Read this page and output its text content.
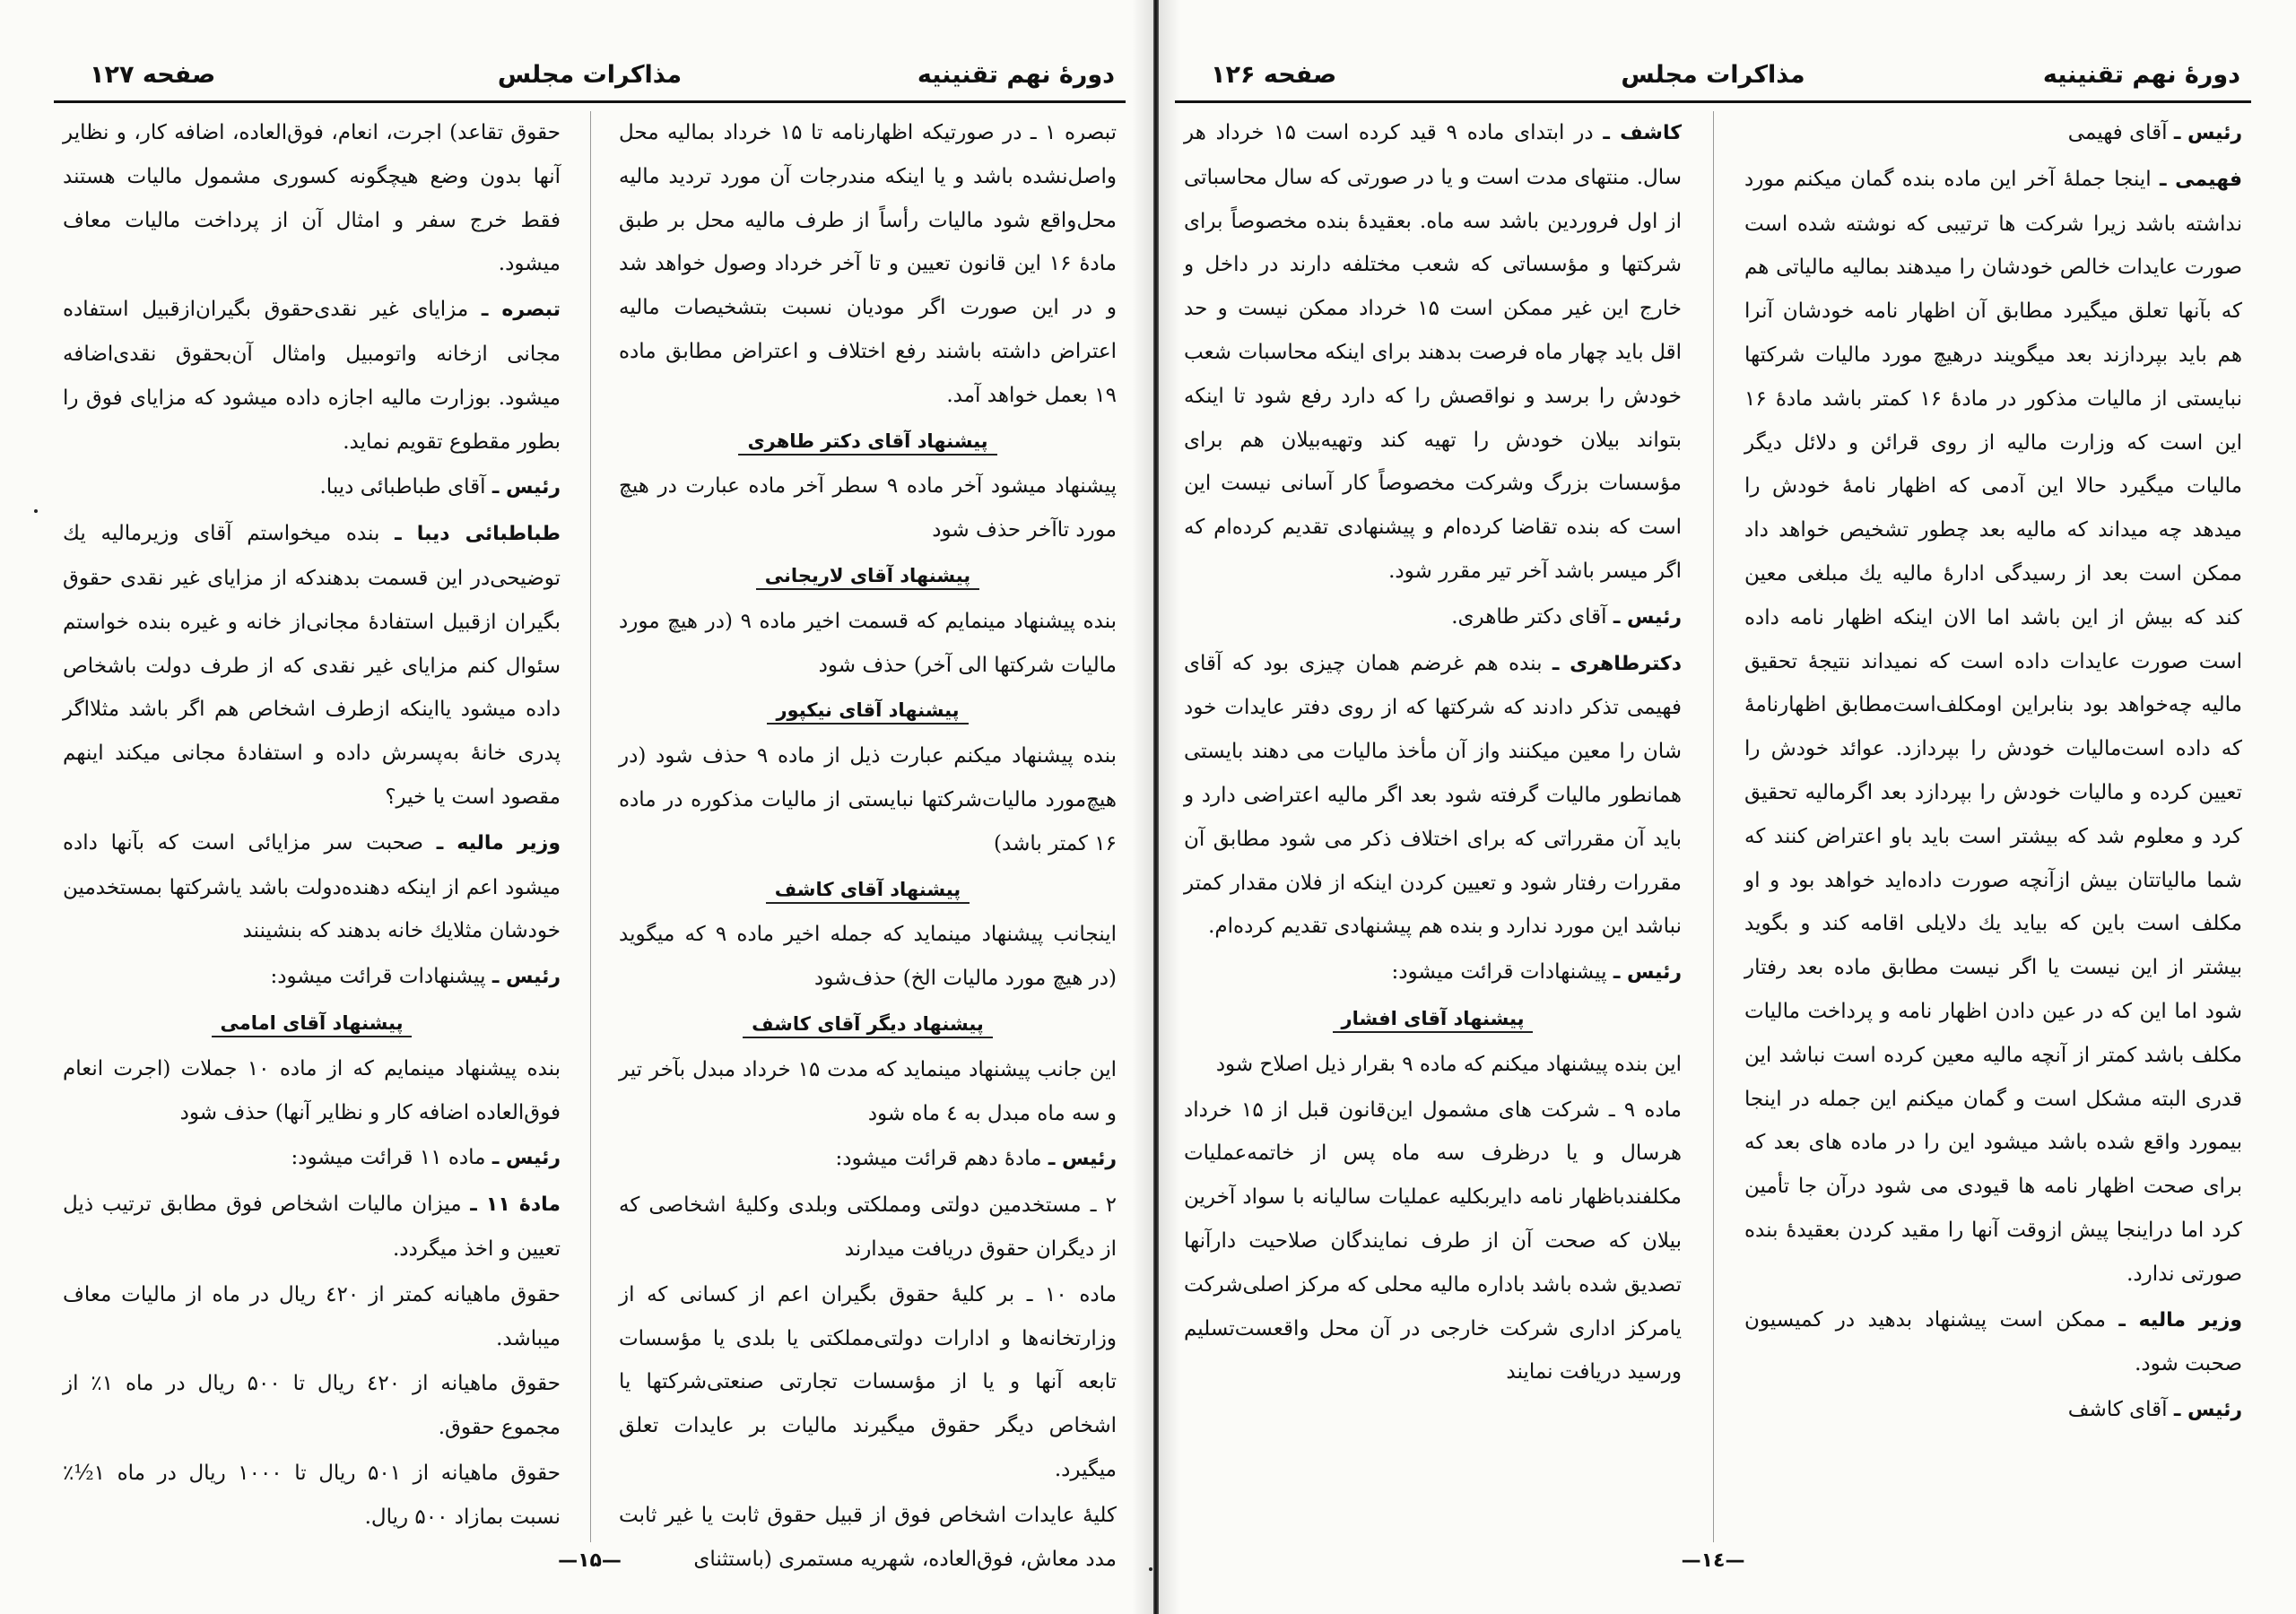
دورهٔ نهم تقنینیه
مذاکرات مجلس
صفحه ۱۲۷

تبصره ۱ ـ در صورتیکه اظهارنامه تا ۱۵ خرداد بمالیه محل واصل‌نشده باشد و یا اینکه مندرجات آن مورد تردید مالیه محل‌واقع شود مالیات رأساً از طرف مالیه محل بر طبق مادهٔ ۱۶ این قانون تعیین و تا آخر خرداد وصول خواهد شد و در این صورت اگر مودیان نسبت بتشخیصات مالیه اعتراض داشته باشند رفع اختلاف و اعتراض مطابق ماده ۱۹ بعمل خواهد آمد.

پیشنهاد آقای دکتر طاهری

پیشنهاد میشود آخر ماده ۹ سطر آخر ماده عبارت در هیچ مورد تاآخر حذف شود

پیشنهاد آقای لاریجانی

بنده پیشنهاد مینمایم که قسمت اخیر ماده ۹ (در هیچ مورد مالیات شرکتها الی آخر) حذف شود

پیشنهاد آقای نیکپور

بنده پیشنهاد میکنم عبارت ذیل از ماده ۹ حذف شود (در هیچ‌مورد مالیات‌شرکتها نبایستی از مالیات مذکوره در ماده ۱۶ کمتر باشد)

پیشنهاد آقای کاشف

اینجانب پیشنهاد مینماید که جمله اخیر ماده ۹ که میگوید (در هیچ مورد مالیات الخ) حذف‌شود

پیشنهاد دیگر آقای کاشف

این جانب پیشنهاد مینماید که مدت ۱۵ خرداد مبدل بآخر تیر و سه ماه مبدل به ٤ ماه شود

رئیس ـ مادهٔ دهم قرائت میشود:

۲ ـ مستخدمین دولتی ومملکتی وبلدی وکلیهٔ اشخاصی که از دیگران حقوق دریافت میدارند

ماده ۱۰ ـ بر کلیهٔ حقوق بگیران اعم از کسانی که از وزارتخانه‌ها و ادارات دولتی‌مملکتی یا بلدی یا مؤسسات تابعه آنها و یا از مؤسسات تجارتی صنعتی‌شرکتها یا اشخاص دیگر حقوق میگیرند مالیات بر عایدات تعلق میگیرد.

کلیهٔ عایدات اشخاص فوق از قبیل حقوق ثابت یا غیر ثابت مدد معاش، فوق‌العاده، شهریه مستمری (باستثنای

حقوق تقاعد) اجرت، انعام، فوق‌العاده، اضافه کار، و نظایر آنها بدون وضع هیچگونه کسوری مشمول مالیات هستند فقط خرج سفر و امثال آن از پرداخت مالیات معاف میشود.

تبصره ـ مزایای غیر نقدی‌حقوق بگیران‌ازقبیل استفاده مجانی ازخانه واتومبیل وامثال آن‌بحقوق نقدی‌اضافه میشود. بوزارت مالیه اجازه داده میشود که مزایای فوق را بطور مقطوع تقویم نماید.

رئیس ـ آقای طباطبائی دیبا.

طباطبائی دیبا ـ بنده میخواستم آقای وزیرمالیه یك توضیحی‌در این قسمت بدهندکه از مزایای غیر نقدی حقوق بگیران ازقبیل استفادهٔ مجانی‌از خانه و غیره بنده خواستم سئوال کنم مزایای غیر نقدی که از طرف دولت باشخاص داده میشود یااینکه ازطرف اشخاص هم اگر باشد مثلااگر پدری خانهٔ به‌پسرش داده و استفادهٔ مجانی میکند اینهم مقصود است یا خیر؟

وزیر مالیه ـ صحبت سر مزایائی است که بآنها داده میشود اعم از اینکه دهنده‌دولت باشد یاشرکتها بمستخدمین خودشان مثلایك خانه بدهند که بنشینند

رئیس ـ پیشنهادات قرائت میشود:

پیشنهاد آقای امامی

بنده پیشنهاد مینمایم که از ماده ۱۰ جملات (اجرت انعام فوق‌العاده اضافه کار و نظایر آنها) حذف شود

رئیس ـ ماده ۱۱ قرائت میشود:

مادهٔ ۱۱ ـ میزان مالیات اشخاص فوق مطابق ترتیب ذیل تعیین و اخذ میگردد.

حقوق ماهیانه کمتر از ٤۲۰ ریال در ماه از مالیات معاف میباشد.

حقوق ماهیانه از ٤۲۰ ریال تا ۵۰۰ ریال در ماه ۱٪ از مجموع حقوق.

حقوق ماهیانه از ۵۰۱ ریال تا ۱۰۰۰ ریال در ماه ۱½٪ نسبت بمازاد ۵۰۰ ریال.

—۱۵—
دورهٔ نهم تقنینیه
مذاکرات مجلس
صفحه ۱۲۶

رئیس ـ آقای فهیمی

فهیمی ـ اینجا جملهٔ آخر این ماده بنده گمان میکنم مورد نداشته باشد زیرا شرکت ها ترتیبی که نوشته شده است صورت عایدات خالص خودشان را میدهند بمالیه مالیاتی هم که بآنها تعلق میگیرد مطابق آن اظهار نامه خودشان آنرا هم باید بپردازند بعد میگویند درهیچ مورد مالیات شرکتها نبایستی از مالیات مذکور در مادهٔ ۱۶ کمتر باشد مادهٔ ۱۶ این است که وزارت مالیه از روی قرائن و دلائل دیگر مالیات میگیرد حالا این آدمی که اظهار نامهٔ خودش را میدهد چه میداند که مالیه بعد چطور تشخیص خواهد داد ممکن است بعد از رسیدگی ادارهٔ مالیه یك مبلغی معین کند که بیش از این باشد اما الان اینکه اظهار نامه داده است صورت عایدات داده است که نمیداند نتیجهٔ تحقیق مالیه چه‌خواهد بود بنابراین اومکلف‌است‌مطابق اظهارنامهٔ که داده است‌مالیات خودش را بپردازد. عوائد خودش را تعیین کرده و مالیات خودش را بپردازد بعد اگرمالیه تحقیق کرد و معلوم شد که بیشتر است باید باو اعتراض کنند که شما مالیاتتان بیش ازآنچه صورت داده‌اید خواهد بود و او مکلف است باین که بیاید یك دلایلی اقامه کند و بگوید بیشتر از این نیست یا اگر نیست مطابق ماده بعد رفتار شود اما این که در عین دادن اظهار نامه و پرداخت مالیات مکلف باشد کمتر از آنچه مالیه معین کرده است نباشد این قدری البته مشکل است و گمان میکنم این جمله در اینجا بیمورد واقع شده باشد میشود این را در ماده های بعد که برای صحت اظهار نامه ها قیودی می شود درآن جا تأمین کرد اما دراینجا پیش ازوقت آنها را مقید کردن بعقیدهٔ بنده صورتی ندارد.

وزیر مالیه ـ ممکن است پیشنهاد بدهید در کمیسیون صحبت شود.

رئیس ـ آقای کاشف

کاشف ـ در ابتدای ماده ۹ قید کرده است ۱۵ خرداد هر سال. منتهای مدت است و یا در صورتی که سال محاسباتی از اول فروردین باشد سه ماه. بعقیدهٔ بنده مخصوصاً برای شرکتها و مؤسساتی که شعب مختلفه دارند در داخل و خارج این غیر ممکن است ۱۵ خرداد ممکن نیست و حد اقل باید چهار ماه فرصت بدهند برای اینکه محاسبات شعب خودش را برسد و نواقصش را که دارد رفع شود تا اینکه بتواند بیلان خودش را تهیه کند وتهیه‌بیلان هم برای مؤسسات بزرگ وشرکت مخصوصاً کار آسانی نیست این است که بنده تقاضا کرده‌ام و پیشنهادی تقدیم کرده‌ام که اگر میسر باشد آخر تیر مقرر شود.

رئیس ـ آقای دکتر طاهری.

دکترطاهری ـ بنده هم غرضم همان چیزی بود که آقای فهیمی تذکر دادند که شرکتها که از روی دفتر عایدات خود شان را معین میکنند واز آن مأخذ مالیات می دهند بایستی همانطور مالیات گرفته شود بعد اگر مالیه اعتراضی دارد و باید آن مقرراتی که برای اختلاف ذکر می شود مطابق آن مقررات رفتار شود و تعیین کردن اینکه از فلان مقدار کمتر نباشد این مورد ندارد و بنده هم پیشنهادی تقدیم کرده‌ام.

رئیس ـ پیشنهادات قرائت میشود:

پیشنهاد آقای افشار

این بنده پیشنهاد میکنم که ماده ۹ بقرار ذیل اصلاح شود

ماده ۹ ـ شرکت های مشمول این‌قانون قبل از ۱۵ خرداد هرسال و یا درظرف سه ماه پس از خاتمه‌عملیات مکلفندباظهار نامه دایربکلیه عملیات سالیانه با سواد آخرین بیلان که صحت آن از طرف نمایندگان صلاحیت دارآنها تصدیق شده باشد باداره مالیه محلی که مرکز اصلی‌شرکت یامرکز اداری شرکت خارجی در آن محل واقعست‌تسلیم ورسید دریافت نمایند

—۱٤—
